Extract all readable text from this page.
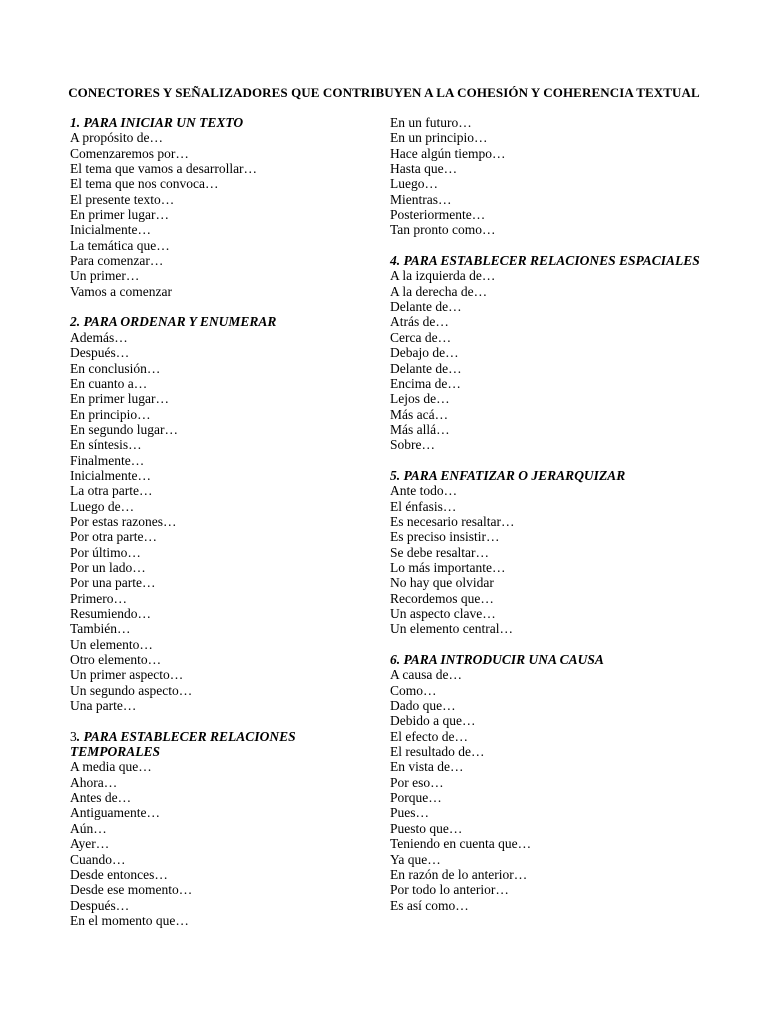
CONECTORES Y SEÑALIZADORES QUE CONTRIBUYEN A LA COHESIÓN Y COHERENCIA TEXTUAL
1. PARA INICIAR UN TEXTO
A propósito de…
Comenzaremos por…
El tema que vamos a desarrollar…
El tema que nos convoca…
El presente texto…
En primer lugar…
Inicialmente…
La temática que…
Para comenzar…
Un primer…
Vamos a comenzar
2. PARA ORDENAR Y ENUMERAR
Además…
Después…
En conclusión…
En cuanto a…
En primer lugar…
En principio…
En segundo lugar…
En síntesis…
Finalmente…
Inicialmente…
La otra parte…
Luego de…
Por estas razones…
Por otra parte…
Por último…
Por un lado…
Por una parte…
Primero…
Resumiendo…
También…
Un elemento…
Otro elemento…
Un primer aspecto…
Un segundo aspecto…
Una parte…
3. PARA ESTABLECER RELACIONES TEMPORALES
A media que…
Ahora…
Antes de…
Antiguamente…
Aún…
Ayer…
Cuando…
Desde entonces…
Desde ese momento…
Después…
En el momento que…
En un futuro…
En un principio…
Hace algún tiempo…
Hasta que…
Luego…
Mientras…
Posteriormente…
Tan pronto como…
4. PARA ESTABLECER RELACIONES ESPACIALES
A la izquierda de…
A la derecha de…
Delante de…
Atrás de…
Cerca de…
Debajo de…
Delante de…
Encima de…
Lejos de…
Más acá…
Más allá…
Sobre…
5. PARA ENFATIZAR O JERARQUIZAR
Ante todo…
El énfasis…
Es necesario resaltar…
Es preciso insistir…
Se debe resaltar…
Lo más importante…
No hay que olvidar
Recordemos que…
Un aspecto clave…
Un elemento central…
6. PARA INTRODUCIR UNA CAUSA
A causa de…
Como…
Dado que…
Debido a que…
El efecto de…
El resultado de…
En vista de…
Por eso…
Porque…
Pues…
Puesto que…
Teniendo en cuenta que…
Ya que…
En razón de lo anterior…
Por todo lo anterior…
Es así como…
